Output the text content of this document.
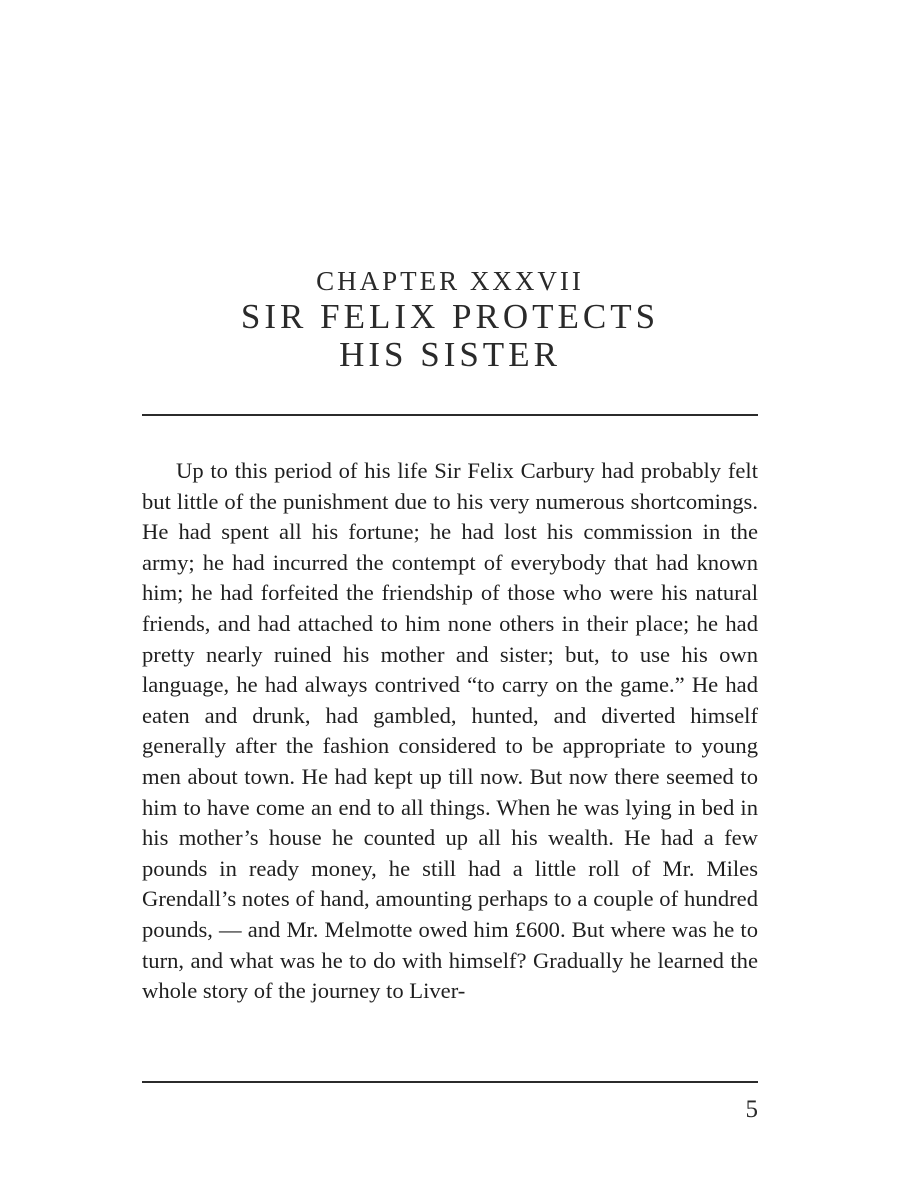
CHAPTER XXXVII
SIR FELIX PROTECTS
HIS SISTER

Up to this period of his life Sir Felix Carbury had probably felt but little of the punishment due to his very numerous shortcomings. He had spent all his fortune; he had lost his commission in the army; he had incurred the contempt of everybody that had known him; he had forfeited the friendship of those who were his natural friends, and had attached to him none others in their place; he had pretty nearly ruined his mother and sister; but, to use his own language, he had always contrived “to carry on the game.” He had eaten and drunk, had gambled, hunted, and diverted himself generally after the fashion considered to be appropriate to young men about town. He had kept up till now. But now there seemed to him to have come an end to all things. When he was lying in bed in his mother’s house he counted up all his wealth. He had a few pounds in ready money, he still had a little roll of Mr. Miles Grendall’s notes of hand, amounting perhaps to a couple of hundred pounds, — and Mr. Melmotte owed him £600. But where was he to turn, and what was he to do with himself? Gradually he learned the whole story of the journey to Liver-

5
